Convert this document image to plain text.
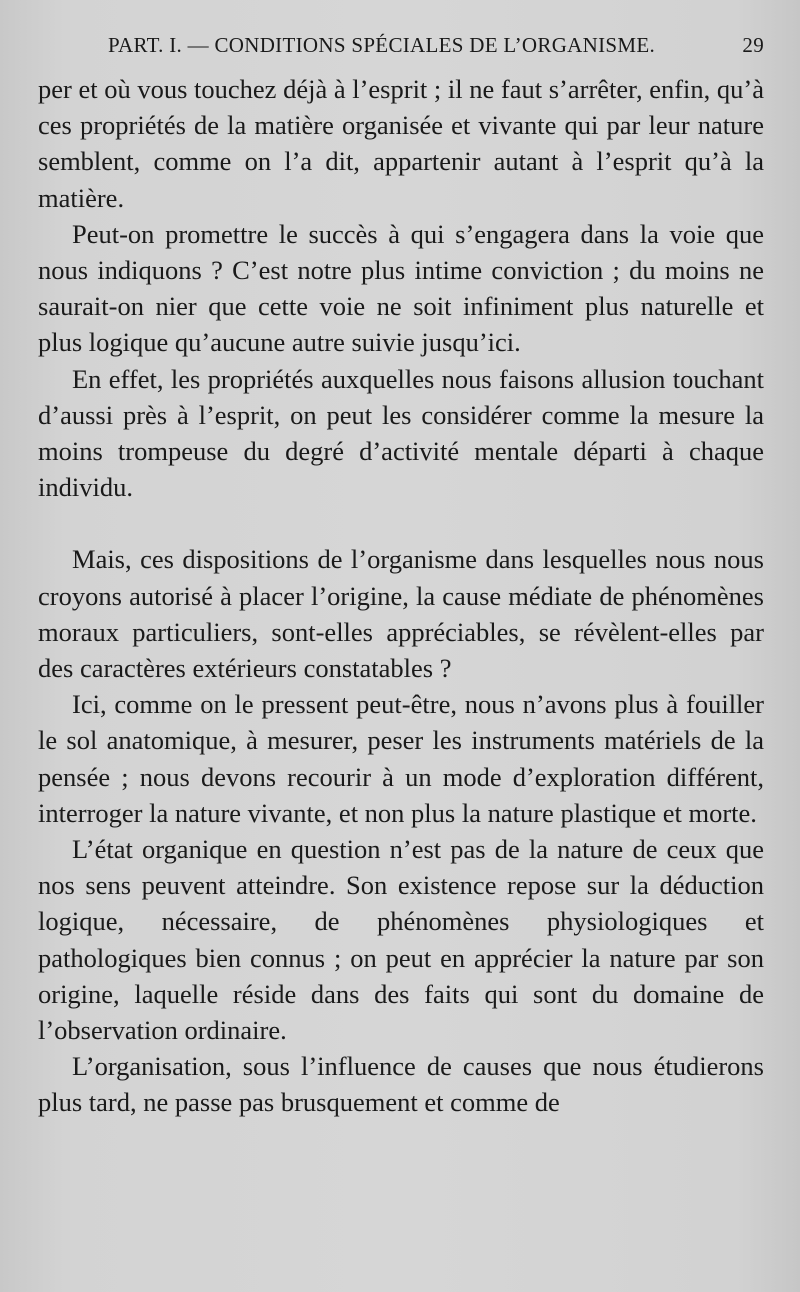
PART. I. — CONDITIONS SPÉCIALES DE L’ORGANISME.	29

per et où vous touchez déjà à l’esprit ; il ne faut s’arrêter, enfin, qu’à ces propriétés de la matière organisée et vivante qui par leur nature semblent, comme on l’a dit, appartenir autant à l’esprit qu’à la matière.

Peut-on promettre le succès à qui s’engagera dans la voie que nous indiquons ? C’est notre plus intime conviction ; du moins ne saurait-on nier que cette voie ne soit infiniment plus naturelle et plus logique qu’aucune autre suivie jusqu’ici.

En effet, les propriétés auxquelles nous faisons allusion touchant d’aussi près à l’esprit, on peut les considérer comme la mesure la moins trompeuse du degré d’activité mentale départi à chaque individu.

Mais, ces dispositions de l’organisme dans lesquelles nous nous croyons autorisé à placer l’origine, la cause médiate de phénomènes moraux particuliers, sont-elles appréciables, se révèlent-elles par des caractères extérieurs constatables ?

Ici, comme on le pressent peut-être, nous n’avons plus à fouiller le sol anatomique, à mesurer, peser les instruments matériels de la pensée ; nous devons recourir à un mode d’exploration différent, interroger la nature vivante, et non plus la nature plastique et morte.

L’état organique en question n’est pas de la nature de ceux que nos sens peuvent atteindre. Son existence repose sur la déduction logique, nécessaire, de phénomènes physiologiques et pathologiques bien connus ; on peut en apprécier la nature par son origine, laquelle réside dans des faits qui sont du domaine de l’observation ordinaire.

L’organisation, sous l’influence de causes que nous étudierons plus tard, ne passe pas brusquement et comme de
